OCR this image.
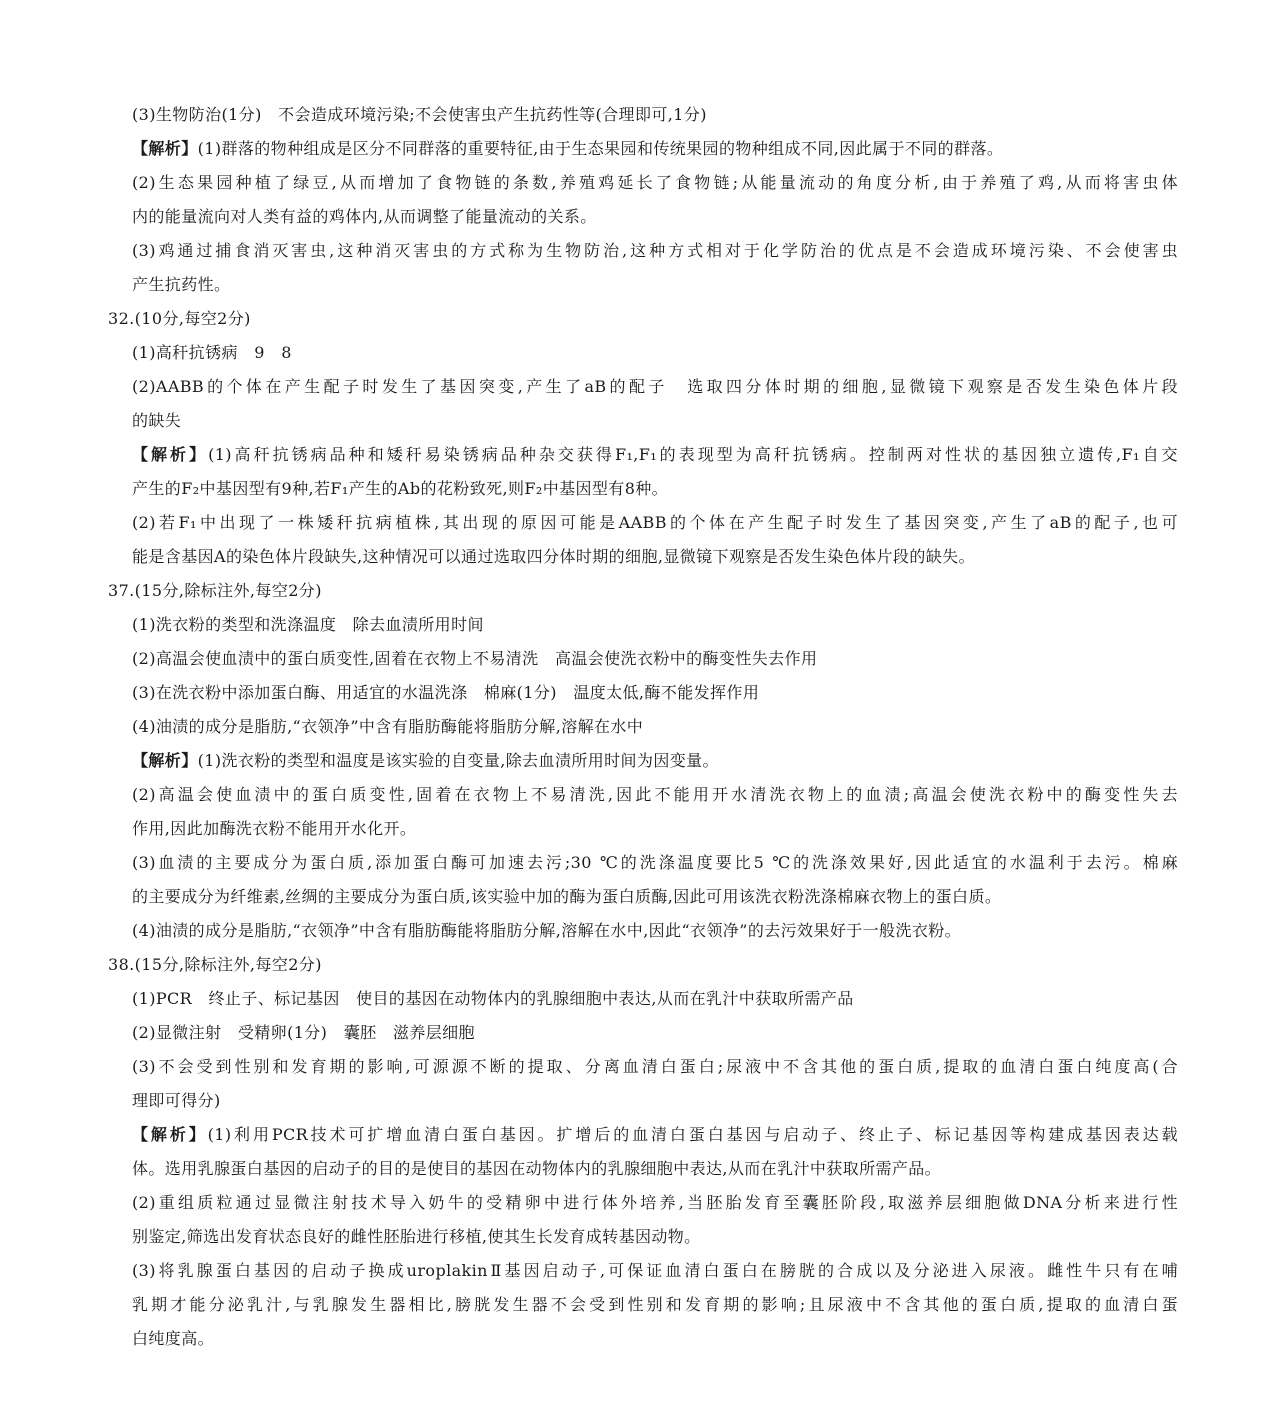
(3)生物防治(1分)　不会造成环境污染;不会使害虫产生抗药性等(合理即可,1分)
【解析】(1)群落的物种组成是区分不同群落的重要特征,由于生态果园和传统果园的物种组成不同,因此属于不同的群落。
(2)生态果园种植了绿豆,从而增加了食物链的条数,养殖鸡延长了食物链;从能量流动的角度分析,由于养殖了鸡,从而将害虫体
内的能量流向对人类有益的鸡体内,从而调整了能量流动的关系。
(3)鸡通过捕食消灭害虫,这种消灭害虫的方式称为生物防治,这种方式相对于化学防治的优点是不会造成环境污染、不会使害虫
产生抗药性。
32.(10分,每空2分)
(1)高秆抗锈病　9　8
(2)AABB的个体在产生配子时发生了基因突变,产生了aB的配子　选取四分体时期的细胞,显微镜下观察是否发生染色体片段
的缺失
【解析】(1)高秆抗锈病品种和矮秆易染锈病品种杂交获得F₁,F₁的表现型为高秆抗锈病。控制两对性状的基因独立遗传,F₁自交
产生的F₂中基因型有9种,若F₁产生的Ab的花粉致死,则F₂中基因型有8种。
(2)若F₁中出现了一株矮秆抗病植株,其出现的原因可能是AABB的个体在产生配子时发生了基因突变,产生了aB的配子,也可
能是含基因A的染色体片段缺失,这种情况可以通过选取四分体时期的细胞,显微镜下观察是否发生染色体片段的缺失。
37.(15分,除标注外,每空2分)
(1)洗衣粉的类型和洗涤温度　除去血渍所用时间
(2)高温会使血渍中的蛋白质变性,固着在衣物上不易清洗　高温会使洗衣粉中的酶变性失去作用
(3)在洗衣粉中添加蛋白酶、用适宜的水温洗涤　棉麻(1分)　温度太低,酶不能发挥作用
(4)油渍的成分是脂肪,“衣领净”中含有脂肪酶能将脂肪分解,溶解在水中
【解析】(1)洗衣粉的类型和温度是该实验的自变量,除去血渍所用时间为因变量。
(2)高温会使血渍中的蛋白质变性,固着在衣物上不易清洗,因此不能用开水清洗衣物上的血渍;高温会使洗衣粉中的酶变性失去
作用,因此加酶洗衣粉不能用开水化开。
(3)血渍的主要成分为蛋白质,添加蛋白酶可加速去污;30 ℃的洗涤温度要比5 ℃的洗涤效果好,因此适宜的水温利于去污。棉麻
的主要成分为纤维素,丝绸的主要成分为蛋白质,该实验中加的酶为蛋白质酶,因此可用该洗衣粉洗涤棉麻衣物上的蛋白质。
(4)油渍的成分是脂肪,“衣领净”中含有脂肪酶能将脂肪分解,溶解在水中,因此“衣领净”的去污效果好于一般洗衣粉。
38.(15分,除标注外,每空2分)
(1)PCR　终止子、标记基因　使目的基因在动物体内的乳腺细胞中表达,从而在乳汁中获取所需产品
(2)显微注射　受精卵(1分)　囊胚　滋养层细胞
(3)不会受到性别和发育期的影响,可源源不断的提取、分离血清白蛋白;尿液中不含其他的蛋白质,提取的血清白蛋白纯度高(合
理即可得分)
【解析】(1)利用PCR技术可扩增血清白蛋白基因。扩增后的血清白蛋白基因与启动子、终止子、标记基因等构建成基因表达载
体。选用乳腺蛋白基因的启动子的目的是使目的基因在动物体内的乳腺细胞中表达,从而在乳汁中获取所需产品。
(2)重组质粒通过显微注射技术导入奶牛的受精卵中进行体外培养,当胚胎发育至囊胚阶段,取滋养层细胞做DNA分析来进行性
别鉴定,筛选出发育状态良好的雌性胚胎进行移植,使其生长发育成转基因动物。
(3)将乳腺蛋白基因的启动子换成uroplakinⅡ基因启动子,可保证血清白蛋白在膀胱的合成以及分泌进入尿液。雌性牛只有在哺
乳期才能分泌乳汁,与乳腺发生器相比,膀胱发生器不会受到性别和发育期的影响;且尿液中不含其他的蛋白质,提取的血清白蛋
白纯度高。
